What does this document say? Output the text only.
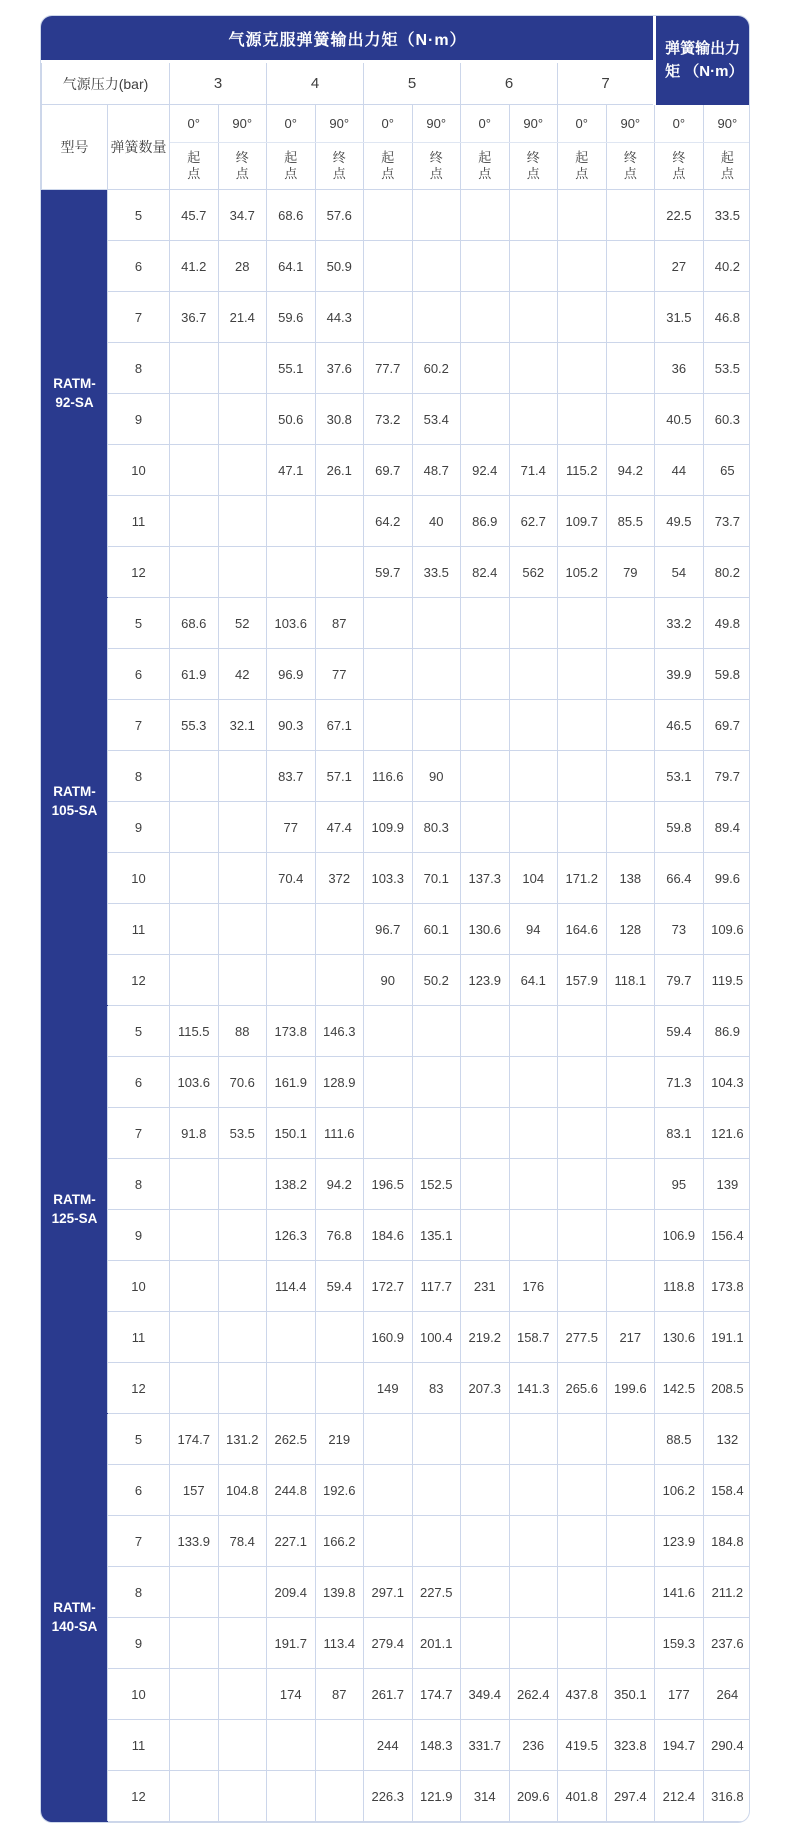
气源克服弹簧输出力矩（N·m）												弹簧输出力矩 （N·m）	
气源压力(bar)		3		4		5		6		7			
型号	弹簧数量	0°	90°	0°	90°	0°	90°	0°	90°	0°	90°	0°	90°
		起点	终点	起点	终点	起点	终点	起点	终点	起点	终点	终点	起点
RATM-92-SA	5	45.7	34.7	68.6	57.6							22.5	33.5
	6	41.2	28	64.1	50.9							27	40.2
	7	36.7	21.4	59.6	44.3							31.5	46.8
	8			55.1	37.6	77.7	60.2					36	53.5
	9			50.6	30.8	73.2	53.4					40.5	60.3
	10			47.1	26.1	69.7	48.7	92.4	71.4	115.2	94.2	44	65
	11					64.2	40	86.9	62.7	109.7	85.5	49.5	73.7
	12					59.7	33.5	82.4	562	105.2	79	54	80.2
RATM-105-SA	5	68.6	52	103.6	87							33.2	49.8
	6	61.9	42	96.9	77							39.9	59.8
	7	55.3	32.1	90.3	67.1							46.5	69.7
	8			83.7	57.1	116.6	90					53.1	79.7
	9			77	47.4	109.9	80.3					59.8	89.4
	10			70.4	372	103.3	70.1	137.3	104	171.2	138	66.4	99.6
	11					96.7	60.1	130.6	94	164.6	128	73	109.6
	12					90	50.2	123.9	64.1	157.9	118.1	79.7	119.5
RATM-125-SA	5	115.5	88	173.8	146.3							59.4	86.9
	6	103.6	70.6	161.9	128.9							71.3	104.3
	7	91.8	53.5	150.1	111.6							83.1	121.6
	8			138.2	94.2	196.5	152.5					95	139
	9			126.3	76.8	184.6	135.1					106.9	156.4
	10			114.4	59.4	172.7	117.7	231	176			118.8	173.8
	11					160.9	100.4	219.2	158.7	277.5	217	130.6	191.1
	12					149	83	207.3	141.3	265.6	199.6	142.5	208.5
RATM-140-SA	5	174.7	131.2	262.5	219							88.5	132
	6	157	104.8	244.8	192.6							106.2	158.4
	7	133.9	78.4	227.1	166.2							123.9	184.8
	8			209.4	139.8	297.1	227.5					141.6	211.2
	9			191.7	113.4	279.4	201.1					159.3	237.6
	10			174	87	261.7	174.7	349.4	262.4	437.8	350.1	177	264
	11					244	148.3	331.7	236	419.5	323.8	194.7	290.4
	12					226.3	121.9	314	209.6	401.8	297.4	212.4	316.8
